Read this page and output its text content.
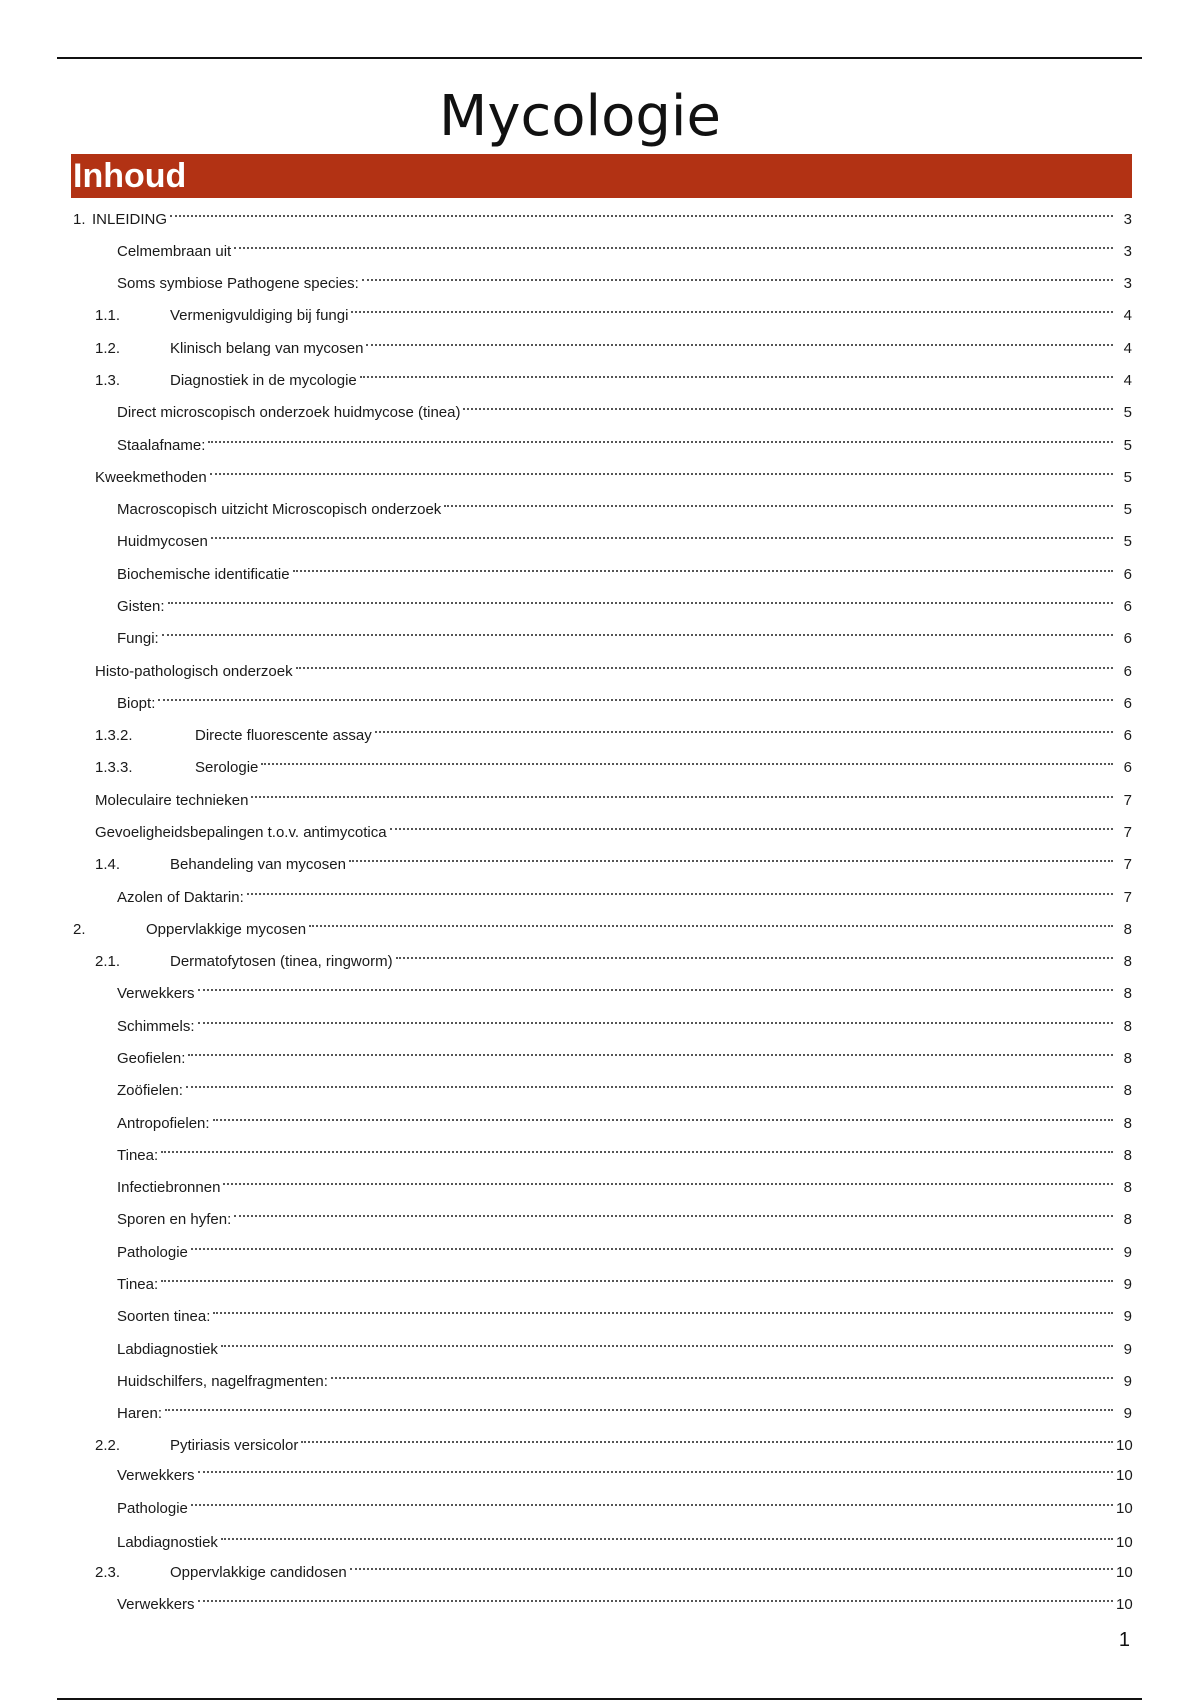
Mycologie
Inhoud
1. INLEIDING	3
Celmembraan uit	3
Soms symbiose Pathogene species:	3
1.1.	Vermenigvuldiging bij fungi	4
1.2.	Klinisch belang van mycosen	4
1.3.	Diagnostiek in de mycologie	4
Direct microscopisch onderzoek huidmycose (tinea)	5
Staalafname:	5
Kweekmethoden	5
Macroscopisch uitzicht Microscopisch onderzoek	5
Huidmycosen	5
Biochemische identificatie	6
Gisten:	6
Fungi:	6
Histo-pathologisch onderzoek	6
Biopt:	6
1.3.2.	Directe fluorescente assay	6
1.3.3.	Serologie	6
Moleculaire technieken	7
Gevoeligheidsbepalingen t.o.v. antimycotica	7
1.4.	Behandeling van mycosen	7
Azolen of Daktarin:	7
2.	Oppervlakkige mycosen	8
2.1.	Dermatofytosen (tinea, ringworm)	8
Verwekkers	8
Schimmels:	8
Geofielen:	8
Zoöfielen:	8
Antropofielen:	8
Tinea:	8
Infectiebronnen	8
Sporen en hyfen:	8
Pathologie	9
Tinea:	9
Soorten tinea:	9
Labdiagnostiek	9
Huidschilfers, nagelfragmenten:	9
Haren:	9
2.2.	Pytiriasis versicolor	10
Verwekkers	10
Pathologie	10
Labdiagnostiek	10
2.3.	Oppervlakkige candidosen	10
Verwekkers	10
1
